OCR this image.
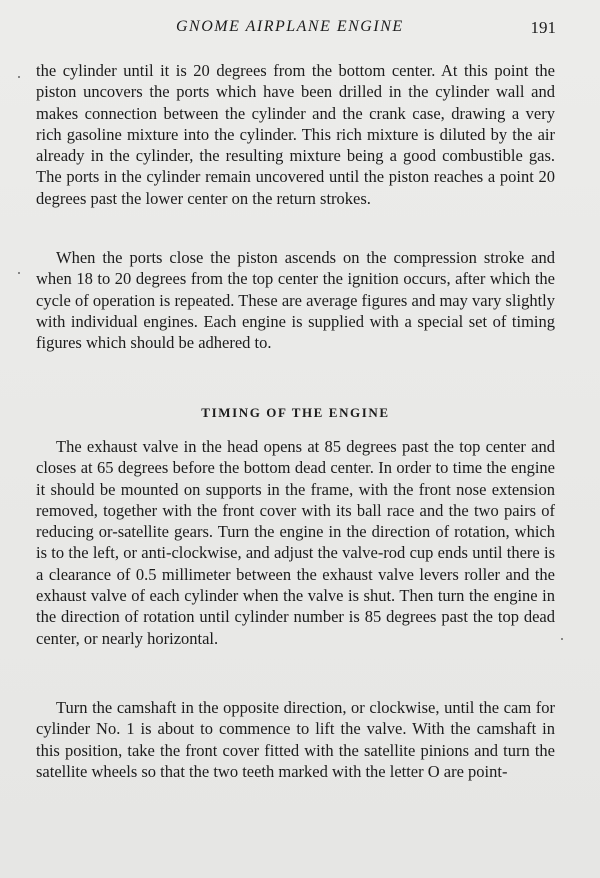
GNOME AIRPLANE ENGINE	191

the cylinder until it is 20 degrees from the bottom center. At this point the piston uncovers the ports which have been drilled in the cylinder wall and makes connection between the cylinder and the crank case, drawing a very rich gasoline mixture into the cylinder. This rich mixture is diluted by the air already in the cylinder, the resulting mixture being a good combustible gas. The ports in the cylinder remain uncovered until the piston reaches a point 20 degrees past the lower center on the return strokes.

When the ports close the piston ascends on the compression stroke and when 18 to 20 degrees from the top center the ignition occurs, after which the cycle of operation is repeated. These are average figures and may vary slightly with individual engines. Each engine is supplied with a special set of timing figures which should be adhered to.

TIMING OF THE ENGINE

The exhaust valve in the head opens at 85 degrees past the top center and closes at 65 degrees before the bottom dead center. In order to time the engine it should be mounted on supports in the frame, with the front nose extension removed, together with the front cover with its ball race and the two pairs of reducing or-satellite gears. Turn the engine in the direction of rotation, which is to the left, or anti-clockwise, and adjust the valve-rod cup ends until there is a clearance of 0.5 millimeter between the exhaust valve levers roller and the exhaust valve of each cylinder when the valve is shut. Then turn the engine in the direction of rotation until cylinder number is 85 degrees past the top dead center, or nearly horizontal.

Turn the camshaft in the opposite direction, or clockwise, until the cam for cylinder No. 1 is about to commence to lift the valve. With the camshaft in this position, take the front cover fitted with the satellite pinions and turn the satellite wheels so that the two teeth marked with the letter O are point-
